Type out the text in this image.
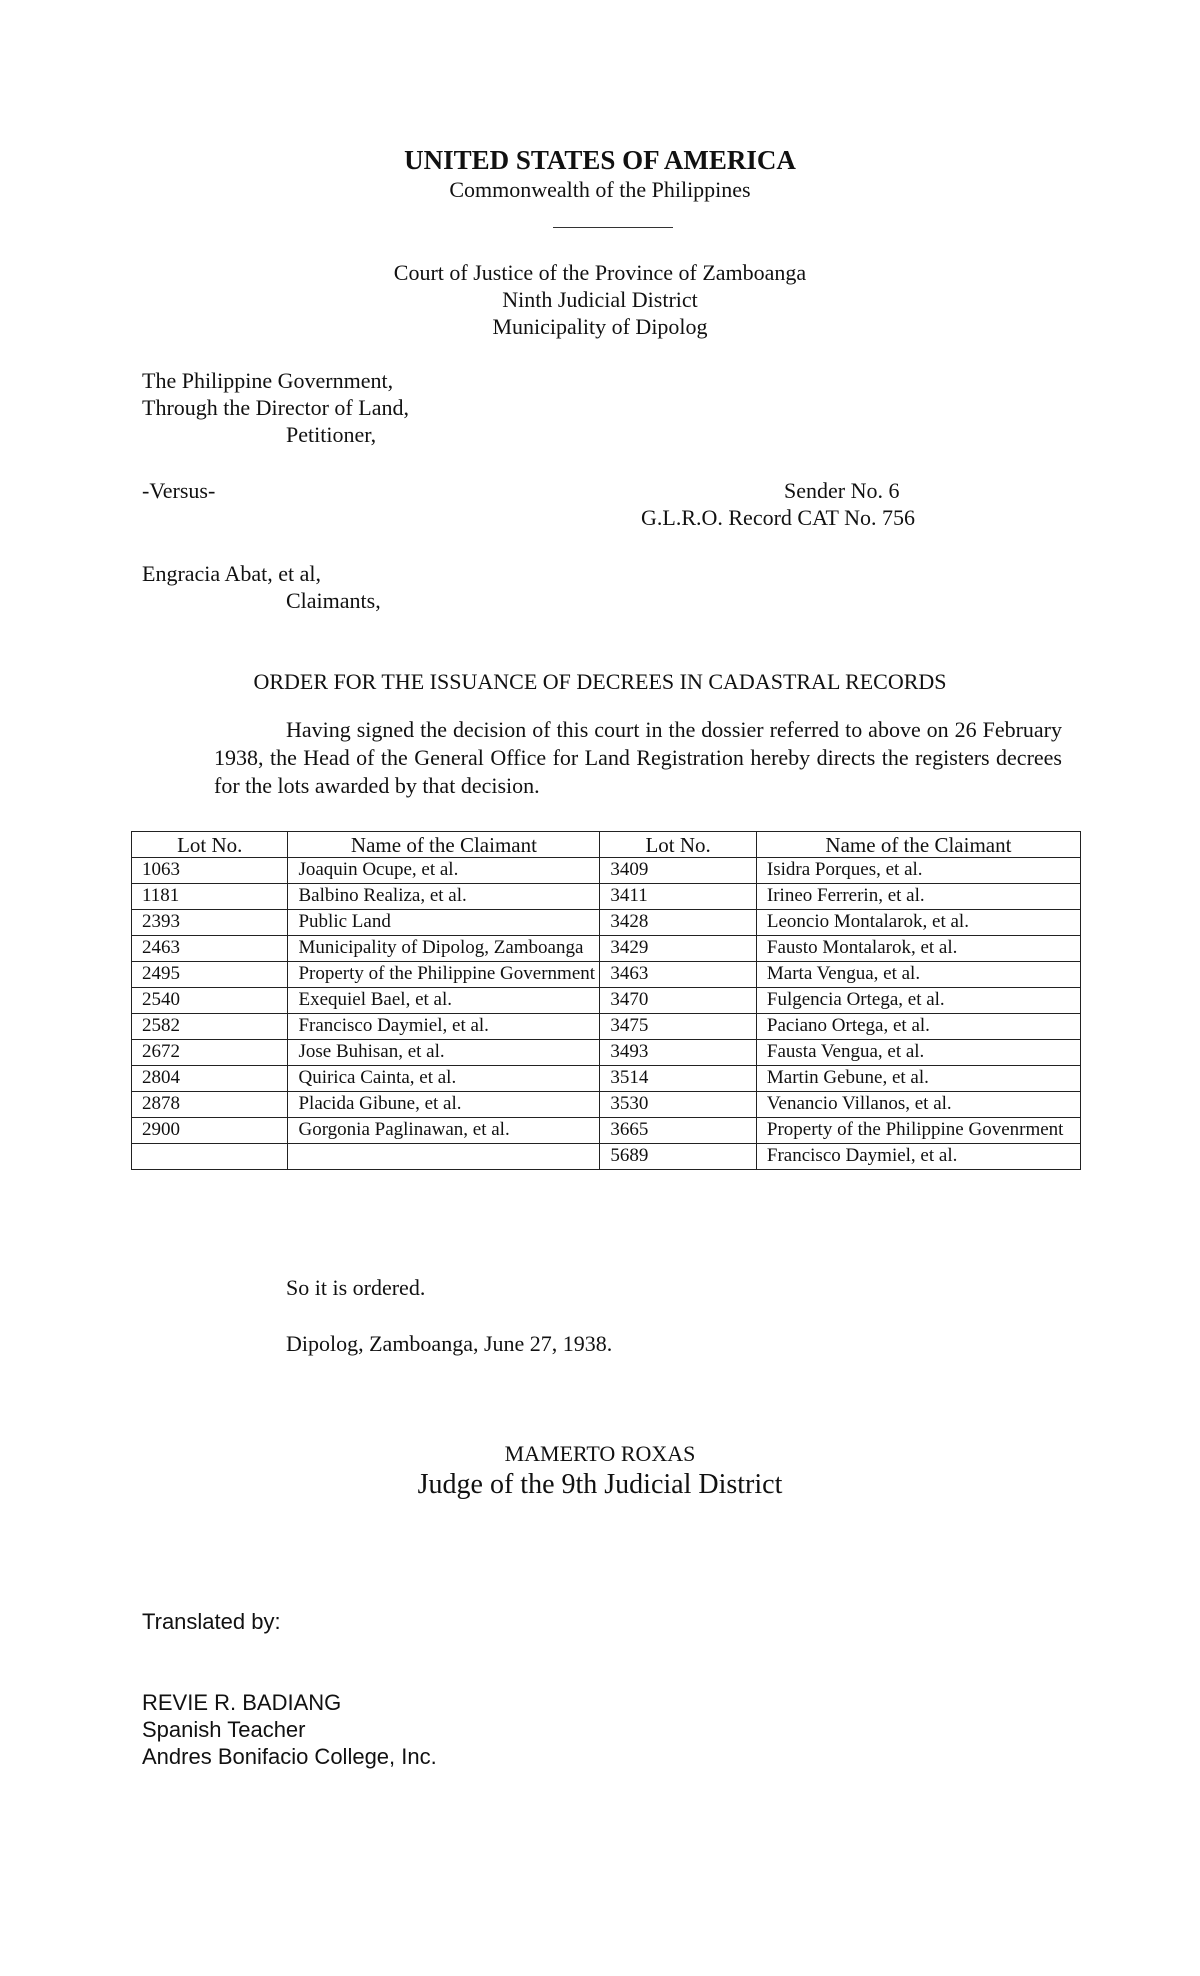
UNITED STATES OF AMERICA
Commonwealth of the Philippines
Court of Justice of the Province of Zamboanga
Ninth Judicial District
Municipality of Dipolog
The Philippine Government,
Through the Director of Land,
Petitioner,
-Versus-	Sender No. 6
G.L.R.O. Record CAT No. 756
Engracia Abat, et al,
Claimants,
ORDER FOR THE ISSUANCE OF DECREES IN CADASTRAL RECORDS
Having signed the decision of this court in the dossier referred to above on 26 February 1938, the Head of the General Office for Land Registration hereby directs the registers decrees for the lots awarded by that decision.
Lot No.	Name of the Claimant	Lot No.	Name of the Claimant
1063	Joaquin Ocupe, et al.	3409	Isidra Porques, et al.
1181	Balbino Realiza, et al.	3411	Irineo Ferrerin, et al.
2393	Public Land	3428	Leoncio Montalarok, et al.
2463	Municipality of Dipolog, Zamboanga	3429	Fausto Montalarok, et al.
2495	Property of the Philippine Government	3463	Marta Vengua, et al.
2540	Exequiel Bael, et al.	3470	Fulgencia Ortega, et al.
2582	Francisco Daymiel, et al.	3475	Paciano Ortega, et al.
2672	Jose Buhisan, et al.	3493	Fausta Vengua, et al.
2804	Quirica Cainta, et al.	3514	Martin Gebune, et al.
2878	Placida Gibune, et al.	3530	Venancio Villanos, et al.
2900	Gorgonia Paglinawan, et al.	3665	Property of the Philippine Govenrment
		5689	Francisco Daymiel, et al.
So it is ordered.
Dipolog, Zamboanga, June 27, 1938.
MAMERTO ROXAS
Judge of the 9th Judicial District
Translated by:
REVIE R. BADIANG
Spanish Teacher
Andres Bonifacio College, Inc.
